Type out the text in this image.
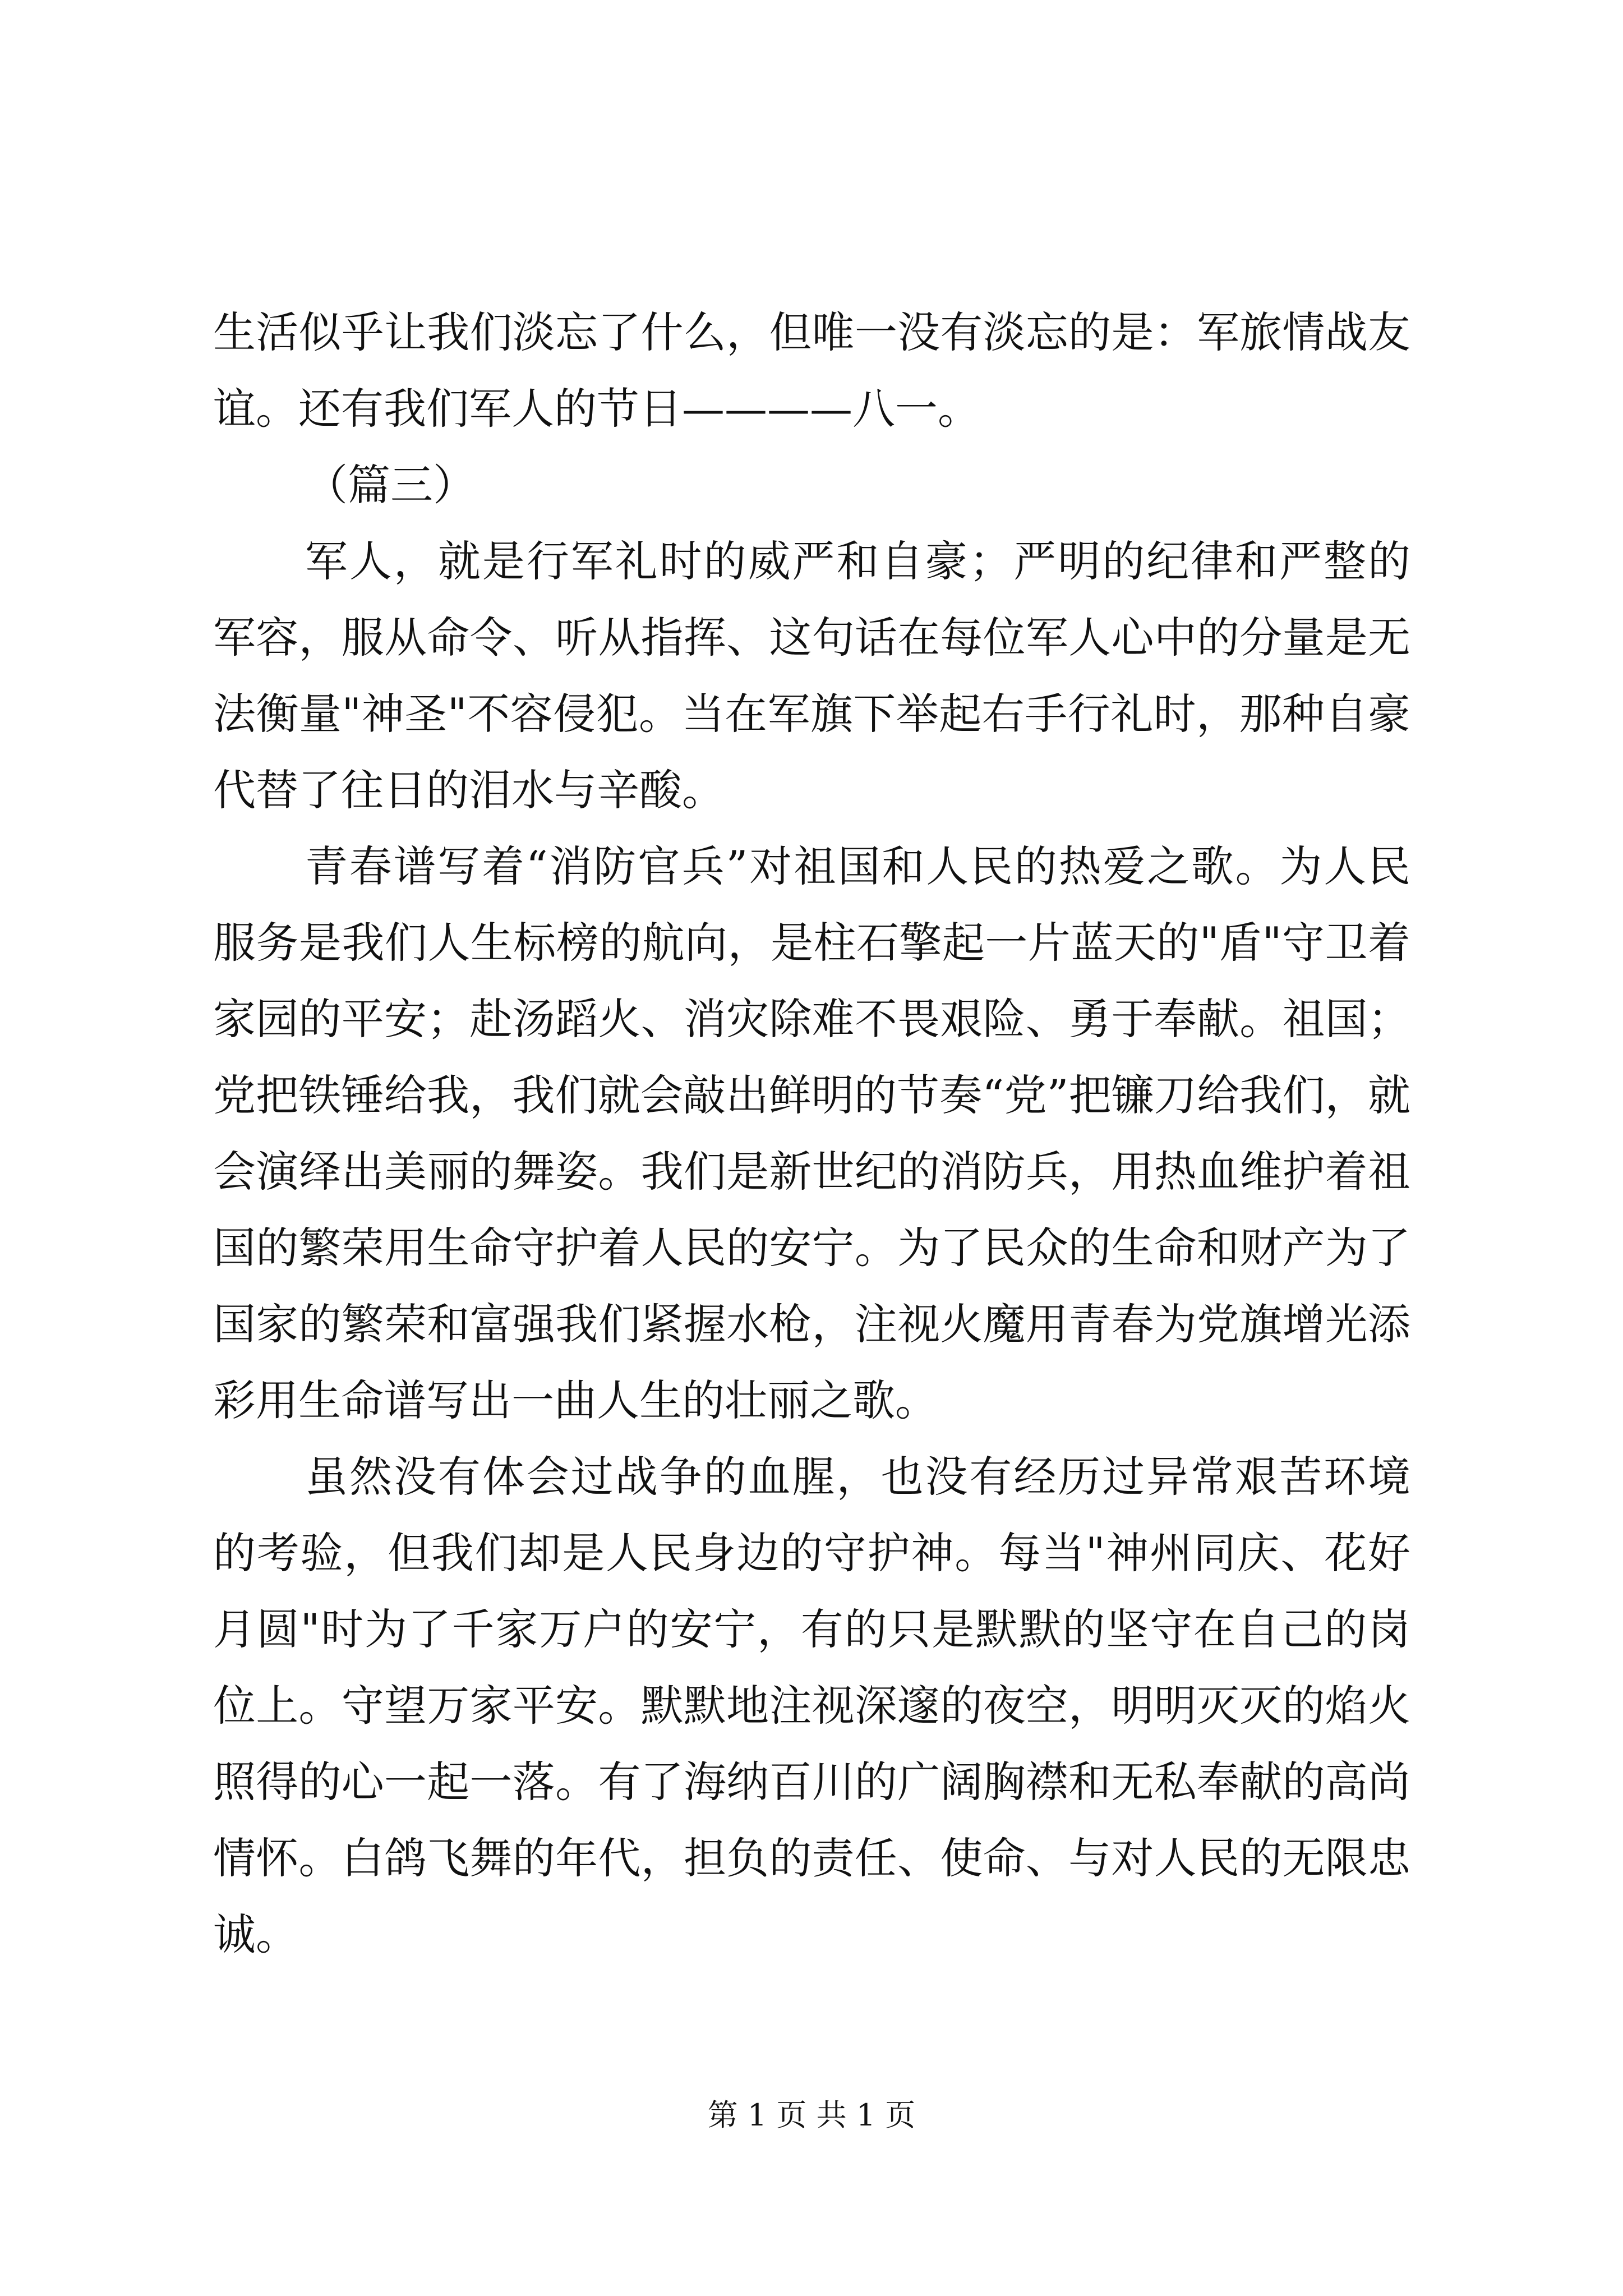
生活似乎让我们淡忘了什么，但唯一没有淡忘的是：军旅情战友谊。还有我们军人的节日————八一。

（篇三）

军人，就是行军礼时的威严和自豪；严明的纪律和严整的军容，服从命令、听从指挥、这句话在每位军人心中的分量是无法衡量"神圣"不容侵犯。当在军旗下举起右手行礼时，那种自豪代替了往日的泪水与辛酸。

青春谱写着“消防官兵”对祖国和人民的热爱之歌。为人民服务是我们人生标榜的航向，是柱石擎起一片蓝天的"盾"守卫着家园的平安；赴汤蹈火、消灾除难不畏艰险、勇于奉献。祖国；党把铁锤给我，我们就会敲出鲜明的节奏“党”把镰刀给我们，就会演绎出美丽的舞姿。我们是新世纪的消防兵，用热血维护着祖国的繁荣用生命守护着人民的安宁。为了民众的生命和财产为了国家的繁荣和富强我们紧握水枪，注视火魔用青春为党旗增光添彩用生命谱写出一曲人生的壮丽之歌。

虽然没有体会过战争的血腥，也没有经历过异常艰苦环境的考验，但我们却是人民身边的守护神。每当"神州同庆、花好月圆"时为了千家万户的安宁，有的只是默默的坚守在自己的岗位上。守望万家平安。默默地注视深邃的夜空，明明灭灭的焰火照得的心一起一落。有了海纳百川的广阔胸襟和无私奉献的高尚情怀。白鸽飞舞的年代，担负的责任、使命、与对人民的无限忠诚。

第 1 页 共 1 页
